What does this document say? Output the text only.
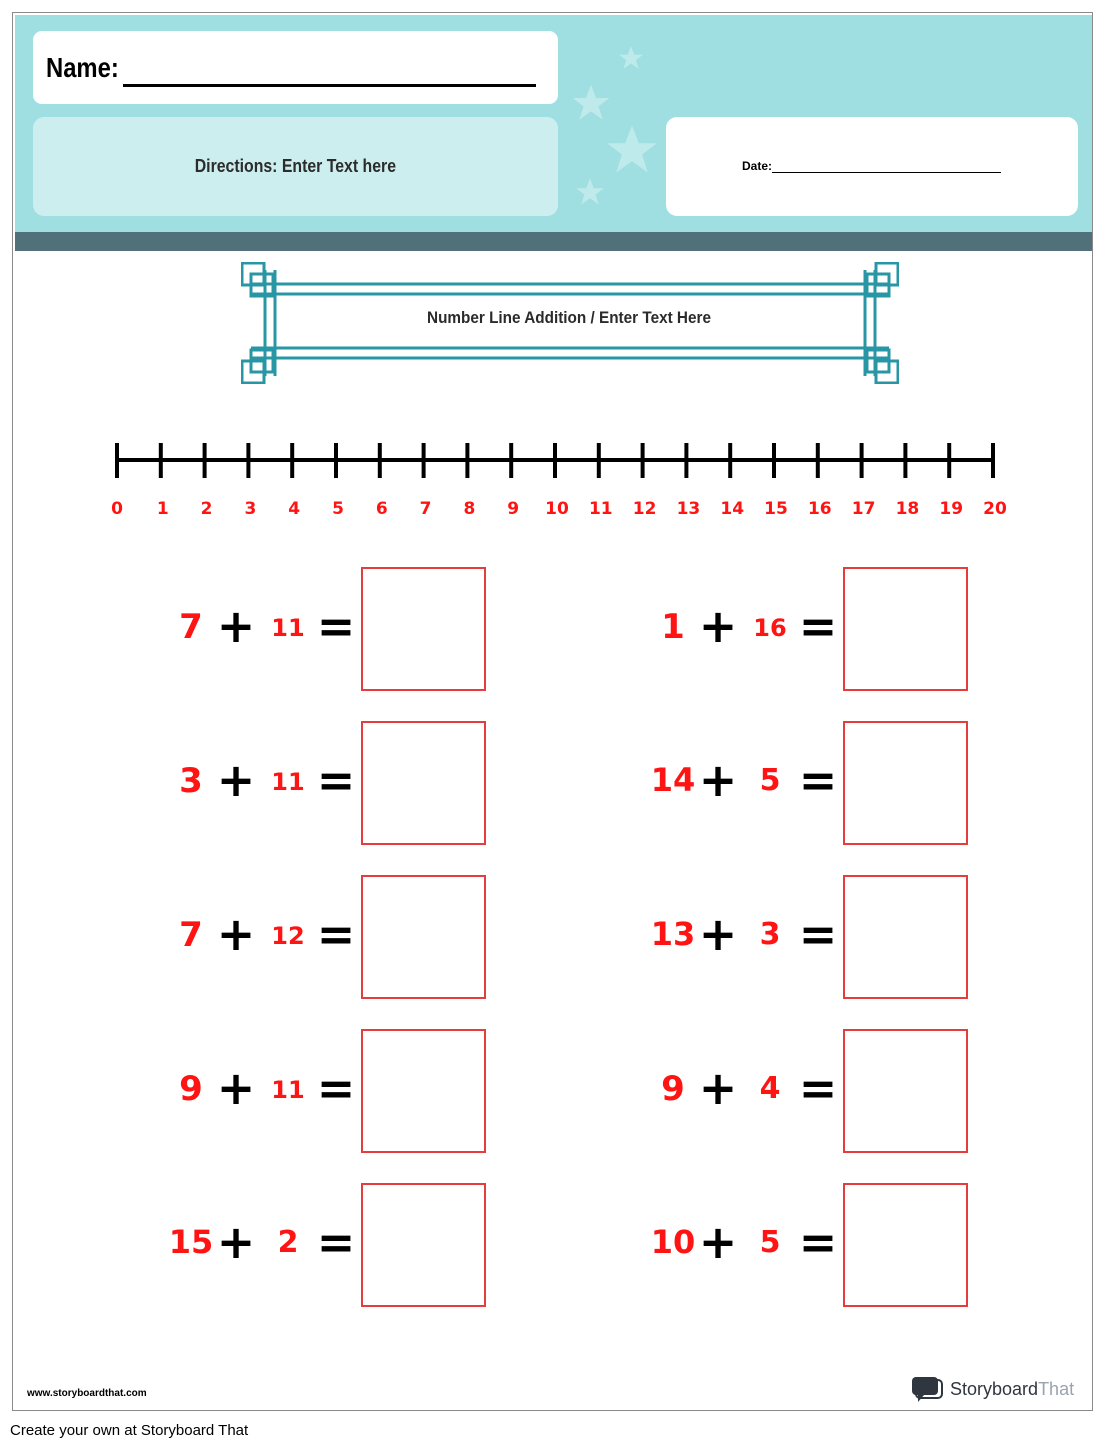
Name:
Directions: Enter Text here	Date:
Number Line Addition / Enter Text Here
0 1 2 3 4 5 6 7 8 9 10 11 12 13 14 15 16 17 18 19 20
7 + 11 =	1 + 16 =
3 + 11 =	14 + 5 =
7 + 12 =	13 + 3 =
9 + 11 =	9 + 4 =
15 + 2 =	10 + 5 =
www.storyboardthat.com	StoryboardThat
Create your own at Storyboard That
